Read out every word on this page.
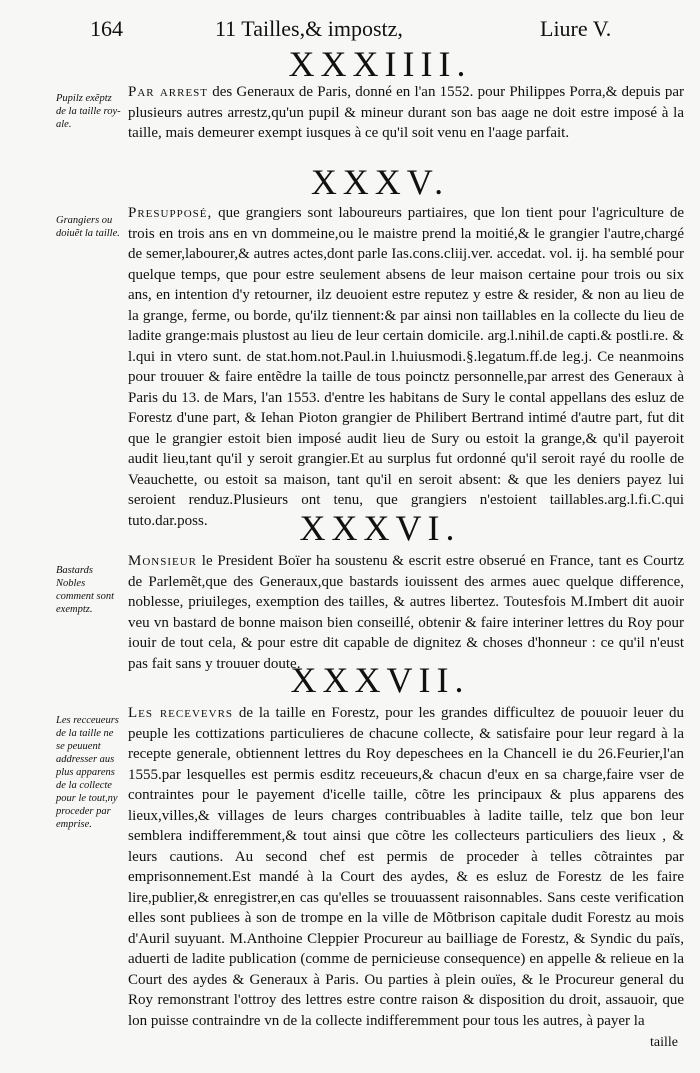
164	11 Tailles,& impostz,	Liure V.
XXXIIII.
Pupilz exẽptz de la taille roy-ale.
Par arrest des Generaux de Paris, donné en l'an 1552. pour Philippes Porra,& depuis par plusieurs autres arrestz,qu'un pupil & mineur durant son bas aage ne doit estre imposé à la taille, mais demeurer exempt iusques à ce qu'il soit venu en l'aage parfait.
XXXV.
Grangiers ou doiuẽt la taille.
Presupposé, que grangiers sont laboureurs partiaires, que lon tient pour l'agriculture de trois en trois ans en vn dommeine,ou le maistre prend la moitié,& le grangier l'autre,chargé de semer,labourer,& autres actes,dont parle Ias.cons.cliij.ver. accedat. vol. ij. ha semblé pour quelque temps, que pour estre seulement absens de leur maison certaine pour trois ou six ans, en intention d'y retourner, ilz deuoient estre reputez y estre & resider, & non au lieu de la grange, ferme, ou borde, qu'ilz tiennent:& par ainsi non taillables en la collecte du lieu de ladite grange:mais plustost au lieu de leur certain domicile. arg.l.nihil.de capti.& postli.re. & l.qui in vtero sunt. de stat.hom.not.Paul.in l.huiusmodi.§.legatum.ff.de leg.j. Ce neanmoins pour trouuer & faire entẽdre la taille de tous poinctz personnelle,par arrest des Generaux à Paris du 13. de Mars, l'an 1553. d'entre les habitans de Sury le contal appellans des esluz de Forestz d'une part, & Iehan Pioton grangier de Philibert Bertrand intimé d'autre part, fut dit que le grangier estoit bien imposé audit lieu de Sury ou estoit la grange,& qu'il payeroit audit lieu,tant qu'il y seroit grangier.Et au surplus fut ordonné qu'il seroit rayé du roolle de Veauchette, ou estoit sa maison, tant qu'il en seroit absent: & que les deniers payez lui seroient renduz.Plusieurs ont tenu, que grangiers n'estoient taillables.arg.l.fi.C.qui tuto.dar.poss.	XXXVI.
Bastards Nobles comment sont exemptz.
Monsieur le President Boïer ha soustenu & escrit estre obserué en France, tant es Courtz de Parlemẽt,que des Generaux,que bastards iouissent des armes auec quelque difference, noblesse, priuileges, exemption des tailles, & autres libertez. Toutesfois M.Imbert dit auoir veu vn bastard de bonne maison bien conseillé, obtenir & faire interiner lettres du Roy pour iouir de tout cela, & pour estre dit capable de dignitez & choses d'honneur : ce qu'il n'eust pas fait sans y trouuer doute.
XXXVII.
Les recceueurs de la taille ne se peuuent addresser aus plus apparens de la collecte pour le tout,ny proceder par emprise.
Les recevevrs de la taille en Forestz, pour les grandes difficultez de pouuoir leuer du peuple les cottizations particulieres de chacune collecte, & satisfaire pour leur regard à la recepte generale, obtiennent lettres du Roy depeschees en la Chancell ie du 26.Feurier,l'an 1555.par lesquelles est permis esditz receueurs,& chacun d'eux en sa charge,faire vser de contraintes pour le payement d'icelle taille, cõtre les principaux & plus apparens des lieux,villes,& villages de leurs charges contribuables à ladite taille, telz que bon leur semblera indifferemment,& tout ainsi que cõtre les collecteurs particuliers des lieux , & leurs cautions. Au second chef est permis de proceder à telles cõtraintes par emprisonnement.Est mandé à la Court des aydes, & es esluz de Forestz de les faire lire,publier,& enregistrer,en cas qu'elles se trouuassent raisonnables. Sans ceste verification elles sont publiees à son de trompe en la ville de Mõtbrison capitale dudit Forestz au mois d'Auril suyuant. M.Anthoine Cleppier Procureur au bailliage de Forestz, & Syndic du païs, aduerti de ladite publication (comme de pernicieuse consequence) en appelle & relieue en la Court des aydes & Generaux à Paris. Ou parties à plein ouïes, & le Procureur general du Roy remonstrant l'ottroy des lettres estre contre raison & disposition du droit, assauoir, que lon puisse contraindre vn de la collecte indifferemment pour tous les autres, à payer la
taille
